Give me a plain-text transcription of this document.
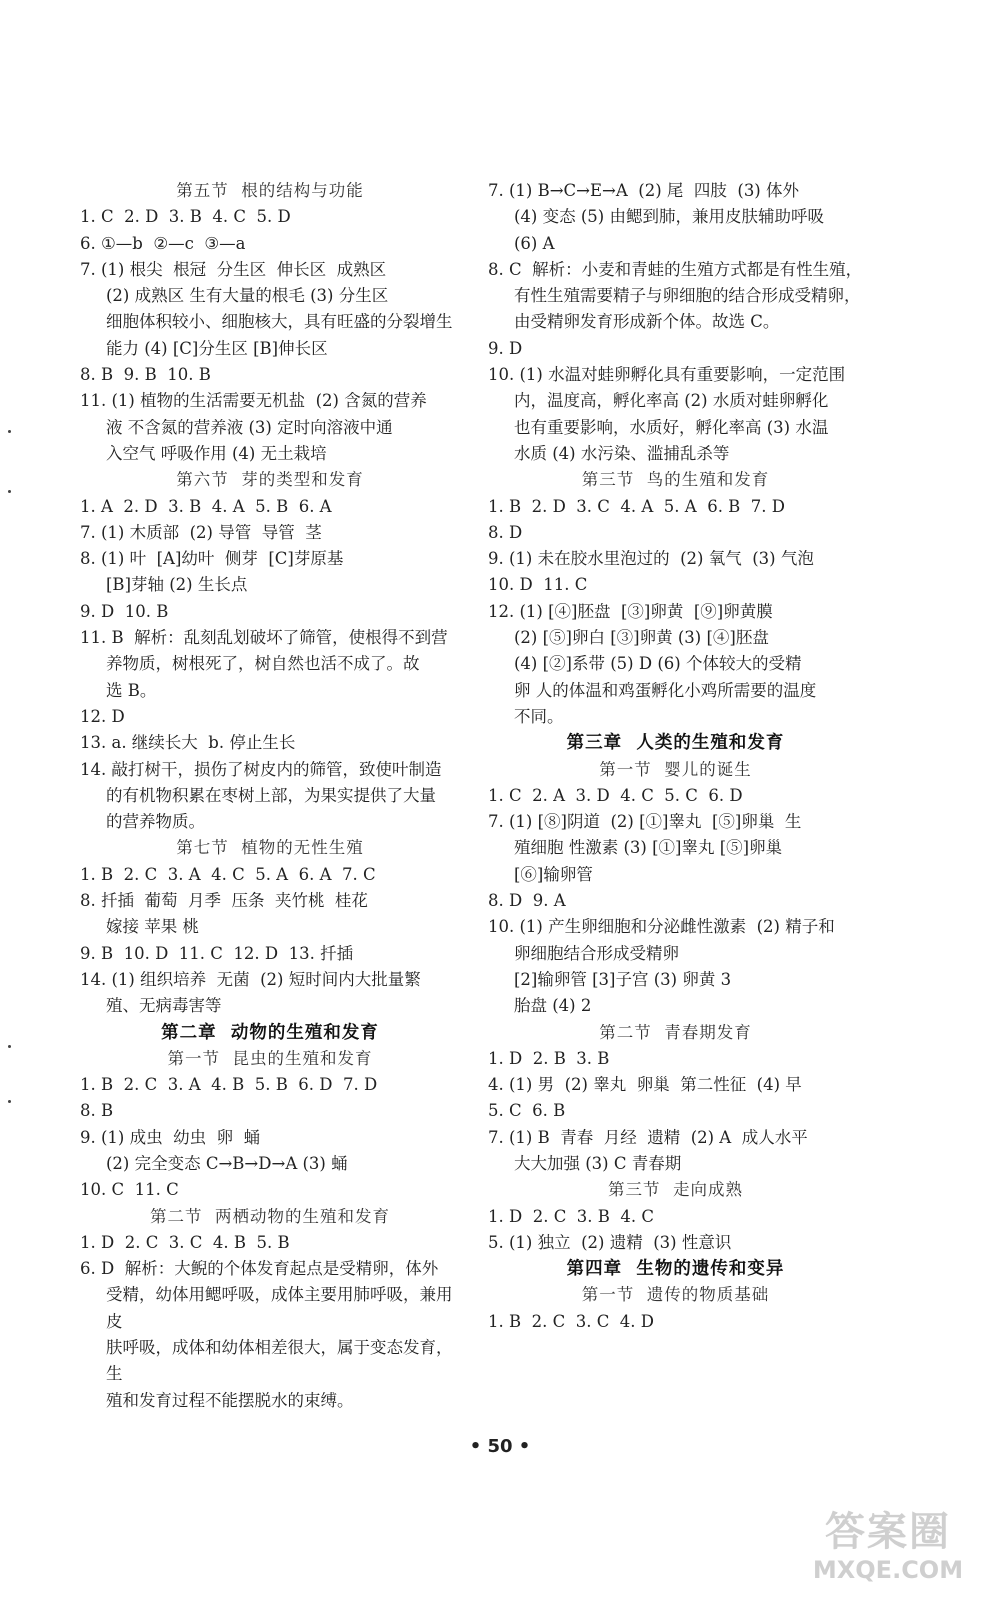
第五节  根的结构与功能
1. C  2. D  3. B  4. C  5. D
6. ①—b  ②—c  ③—a
7. (1) 根尖  根冠  分生区  伸长区  成熟区
(2) 成熟区 生有大量的根毛 (3) 分生区
细胞体积较小、细胞核大，具有旺盛的分裂增生
能力 (4) [C]分生区 [B]伸长区
8. B  9. B  10. B
11. (1) 植物的生活需要无机盐  (2) 含氮的营养
液 不含氮的营养液 (3) 定时向溶液中通
入空气 呼吸作用 (4) 无土栽培
第六节  芽的类型和发育
1. A  2. D  3. B  4. A  5. B  6. A
7. (1) 木质部  (2) 导管  导管  茎
8. (1) 叶  [A]幼叶  侧芽  [C]芽原基
[B]芽轴 (2) 生长点
9. D  10. B
11. B  解析：乱刻乱划破坏了筛管，使根得不到营
养物质，树根死了，树自然也活不成了。故
选 B。
12. D
13. a. 继续长大  b. 停止生长
14. 敲打树干，损伤了树皮内的筛管，致使叶制造
的有机物积累在枣树上部，为果实提供了大量
的营养物质。
第七节  植物的无性生殖
1. B  2. C  3. A  4. C  5. A  6. A  7. C
8. 扦插  葡萄  月季  压条  夹竹桃  桂花
嫁接 苹果 桃
9. B  10. D  11. C  12. D  13. 扦插
14. (1) 组织培养  无菌  (2) 短时间内大批量繁
殖、无病毒害等
第二章  动物的生殖和发育
第一节  昆虫的生殖和发育
1. B  2. C  3. A  4. B  5. B  6. D  7. D
8. B
9. (1) 成虫  幼虫  卵  蛹
(2) 完全变态 C→B→D→A (3) 蛹
10. C  11. C
第二节  两栖动物的生殖和发育
1. D  2. C  3. C  4. B  5. B
6. D  解析：大鲵的个体发育起点是受精卵，体外
受精，幼体用鳃呼吸，成体主要用肺呼吸，兼用皮
肤呼吸，成体和幼体相差很大，属于变态发育，生
殖和发育过程不能摆脱水的束缚。
7. (1) B→C→E→A  (2) 尾  四肢  (3) 体外
(4) 变态 (5) 由鳃到肺，兼用皮肤辅助呼吸
(6) A
8. C  解析：小麦和青蛙的生殖方式都是有性生殖，
有性生殖需要精子与卵细胞的结合形成受精卵，
由受精卵发育形成新个体。故选 C。
9. D
10. (1) 水温对蛙卵孵化具有重要影响，一定范围
内，温度高，孵化率高 (2) 水质对蛙卵孵化
也有重要影响，水质好，孵化率高 (3) 水温
水质 (4) 水污染、滥捕乱杀等
第三节  鸟的生殖和发育
1. B  2. D  3. C  4. A  5. A  6. B  7. D
8. D
9. (1) 未在胶水里泡过的  (2) 氧气  (3) 气泡
10. D  11. C
12. (1) [④]胚盘  [③]卵黄  [⑨]卵黄膜
(2) [⑤]卵白 [③]卵黄 (3) [④]胚盘
(4) [②]系带 (5) D (6) 个体较大的受精
卵 人的体温和鸡蛋孵化小鸡所需要的温度
不同。
第三章  人类的生殖和发育
第一节  婴儿的诞生
1. C  2. A  3. D  4. C  5. C  6. D
7. (1) [⑧]阴道  (2) [①]睾丸  [⑤]卵巢  生
殖细胞 性激素 (3) [①]睾丸 [⑤]卵巢
[⑥]输卵管
8. D  9. A
10. (1) 产生卵细胞和分泌雌性激素  (2) 精子和
卵细胞结合形成受精卵
[2]输卵管 [3]子宫 (3) 卵黄 3
胎盘 (4) 2
第二节  青春期发育
1. D  2. B  3. B
4. (1) 男  (2) 睾丸  卵巢  第二性征  (4) 早
5. C  6. B
7. (1) B  青春  月经  遗精  (2) A  成人水平
大大加强 (3) C 青春期
第三节  走向成熟
1. D  2. C  3. B  4. C
5. (1) 独立  (2) 遗精  (3) 性意识
第四章  生物的遗传和变异
第一节  遗传的物质基础
1. B  2. C  3. C  4. D
• 50 •
答案圈
MXQE.COM
